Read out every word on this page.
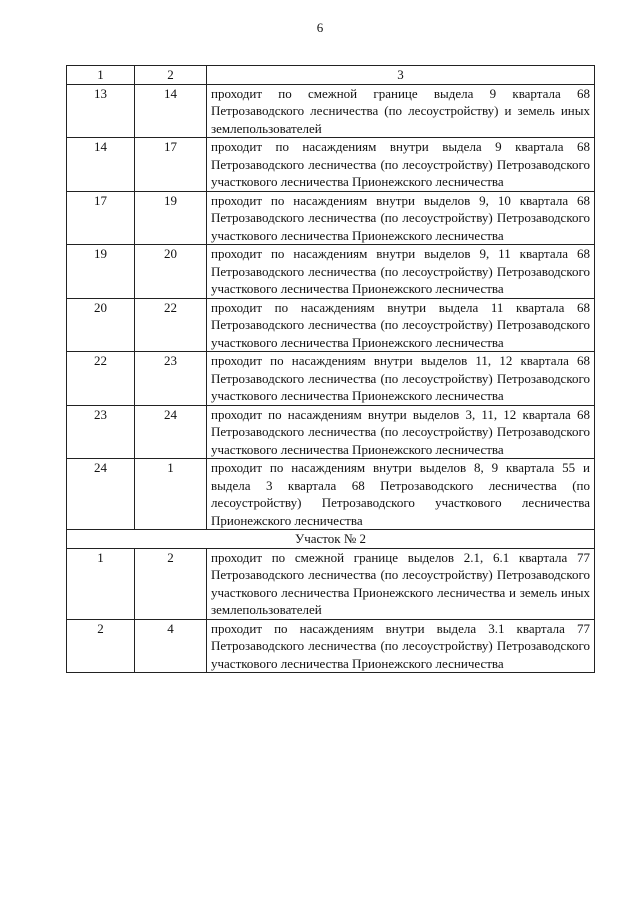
6
1	2	3
13	14	проходит по смежной границе выдела 9 квартала 68 Петрозаводского лесничества (по лесоустройству) и земель иных землепользователей
14	17	проходит по насаждениям внутри выдела 9 квартала 68 Петрозаводского лесничества (по лесоустройству) Петрозаводского участкового лесничества Прионежского лесничества
17	19	проходит по насаждениям внутри выделов 9, 10 квартала 68 Петрозаводского лесничества (по лесоустройству) Петрозаводского участкового лесничества Прионежского лесничества
19	20	проходит по насаждениям внутри выделов 9, 11 квартала 68 Петрозаводского лесничества (по лесоустройству) Петрозаводского участкового лесничества Прионежского лесничества
20	22	проходит по насаждениям внутри выдела 11 квартала 68 Петрозаводского лесничества (по лесоустройству) Петрозаводского участкового лесничества Прионежского лесничества
22	23	проходит по насаждениям внутри выделов 11, 12 квартала 68 Петрозаводского лесничества (по лесоустройству) Петрозаводского участкового лесничества Прионежского лесничества
23	24	проходит по насаждениям внутри выделов 3, 11, 12 квартала 68 Петрозаводского лесничества (по лесоустройству) Петрозаводского участкового лесничества Прионежского лесничества
24	1	проходит по насаждениям внутри выделов 8, 9 квартала 55 и выдела 3 квартала 68 Петрозаводского лесничества (по лесоустройству) Петрозаводского участкового лесничества Прионежского лесничества
Участок № 2		
1	2	проходит по смежной границе выделов 2.1, 6.1 квартала 77 Петрозаводского лесничества (по лесоустройству) Петрозаводского участкового лесничества Прионежского лесничества и земель иных землепользователей
2	4	проходит по насаждениям внутри выдела 3.1 квартала 77 Петрозаводского лесничества (по лесоустройству) Петрозаводского участкового лесничества Прионежского лесничества
